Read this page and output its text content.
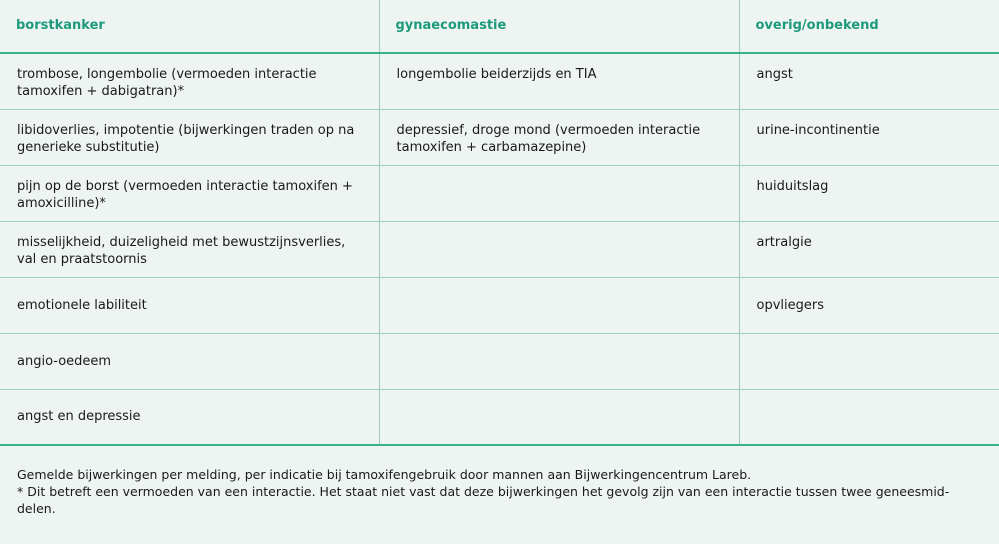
borstkanker	gynaecomastie	overig/onbekend
trombose, longembolie (vermoeden interactie tamoxifen + dabigatran)*	longembolie beiderzijds en TIA	angst
libidoverlies, impotentie (bijwerkingen traden op na generieke substitutie)	depressief, droge mond (vermoeden interactie tamoxifen + carbamazepine)	urine-incontinentie
pijn op de borst (vermoeden interactie tamoxifen + amoxicilline)*		huiduitslag
misselijkheid, duizeligheid met bewustzijnsverlies, val en praatstoornis		artralgie
emotionele labiliteit		opvliegers
angio-oedeem		
angst en depressie		
Gemelde bijwerkingen per melding, per indicatie bij tamoxifengebruik door mannen aan Bijwerkingencentrum Lareb.
* Dit betreft een vermoeden van een interactie. Het staat niet vast dat deze bijwerkingen het gevolg zijn van een interactie tussen twee geneesmid-delen.
